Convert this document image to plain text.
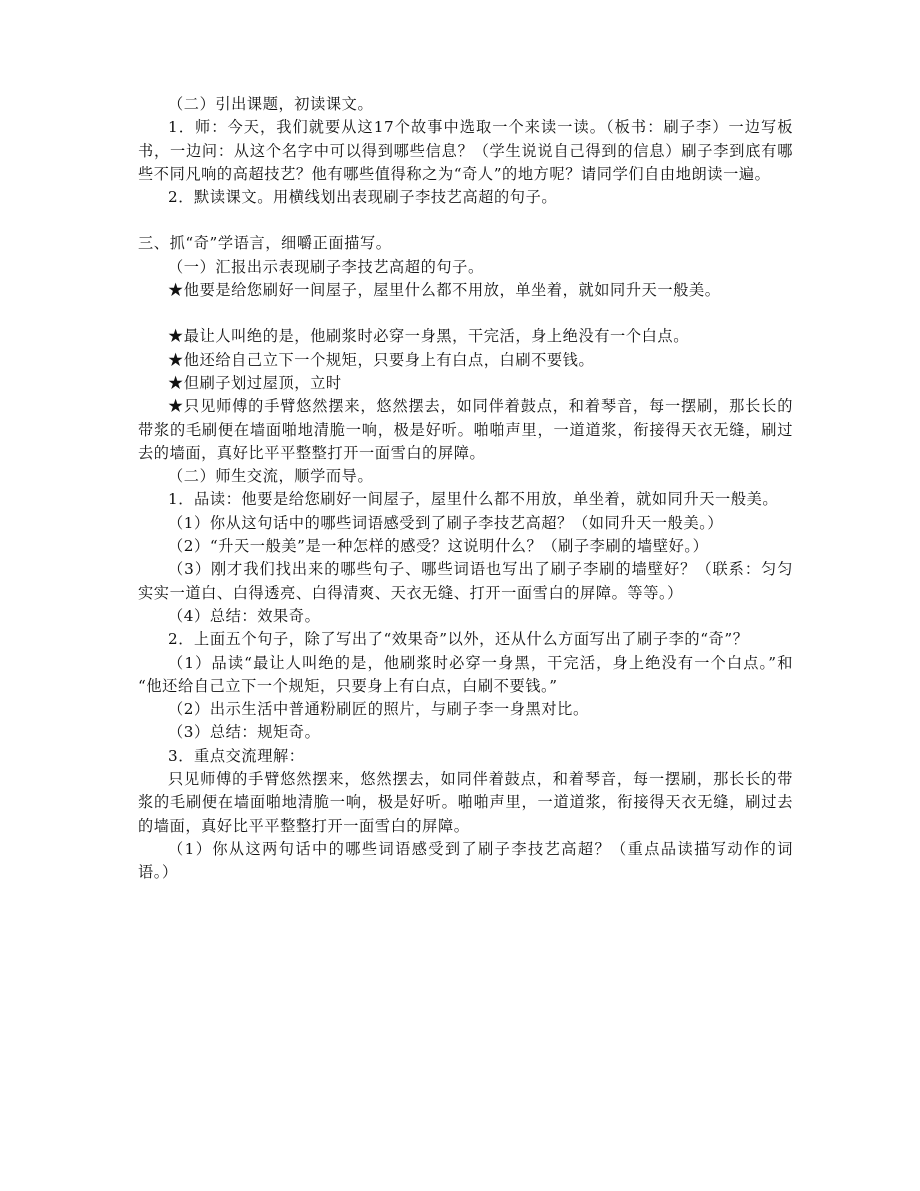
（二）引出课题，初读课文。

1．师：今天，我们就要从这17个故事中选取一个来读一读。（板书：刷子李）一边写板书，一边问：从这个名字中可以得到哪些信息？（学生说说自己得到的信息）刷子李到底有哪些不同凡响的高超技艺？他有哪些值得称之为“奇人”的地方呢？请同学们自由地朗读一遍。

2．默读课文。用横线划出表现刷子李技艺高超的句子。

三、抓“奇”学语言，细嚼正面描写。

（一）汇报出示表现刷子李技艺高超的句子。

★他要是给您刷好一间屋子，屋里什么都不用放，单坐着，就如同升天一般美。

★最让人叫绝的是，他刷浆时必穿一身黑，干完活，身上绝没有一个白点。

★他还给自己立下一个规矩，只要身上有白点，白刷不要钱。

★但刷子划过屋顶，立时

★只见师傅的手臂悠然摆来，悠然摆去，如同伴着鼓点，和着琴音，每一摆刷，那长长的带浆的毛刷便在墙面啪地清脆一响，极是好听。啪啪声里，一道道浆，衔接得天衣无缝，刷过去的墙面，真好比平平整整打开一面雪白的屏障。

（二）师生交流，顺学而导。

1．品读：他要是给您刷好一间屋子，屋里什么都不用放，单坐着，就如同升天一般美。

（1）你从这句话中的哪些词语感受到了刷子李技艺高超？（如同升天一般美。）

（2）“升天一般美”是一种怎样的感受？这说明什么？（刷子李刷的墙壁好。）

（3）刚才我们找出来的哪些句子、哪些词语也写出了刷子李刷的墙壁好？（联系：匀匀实实一道白、白得透亮、白得清爽、天衣无缝、打开一面雪白的屏障。等等。）

（4）总结：效果奇。

2．上面五个句子，除了写出了“效果奇”以外，还从什么方面写出了刷子李的“奇”？

（1）品读“最让人叫绝的是，他刷浆时必穿一身黑，干完活，身上绝没有一个白点。”和 “他还给自己立下一个规矩，只要身上有白点，白刷不要钱。”

（2）出示生活中普通粉刷匠的照片，与刷子李一身黑对比。

（3）总结：规矩奇。

3．重点交流理解：

只见师傅的手臂悠然摆来，悠然摆去，如同伴着鼓点，和着琴音，每一摆刷，那长长的带浆的毛刷便在墙面啪地清脆一响，极是好听。啪啪声里，一道道浆，衔接得天衣无缝，刷过去的墙面，真好比平平整整打开一面雪白的屏障。

（1）你从这两句话中的哪些词语感受到了刷子李技艺高超？（重点品读描写动作的词语。）
